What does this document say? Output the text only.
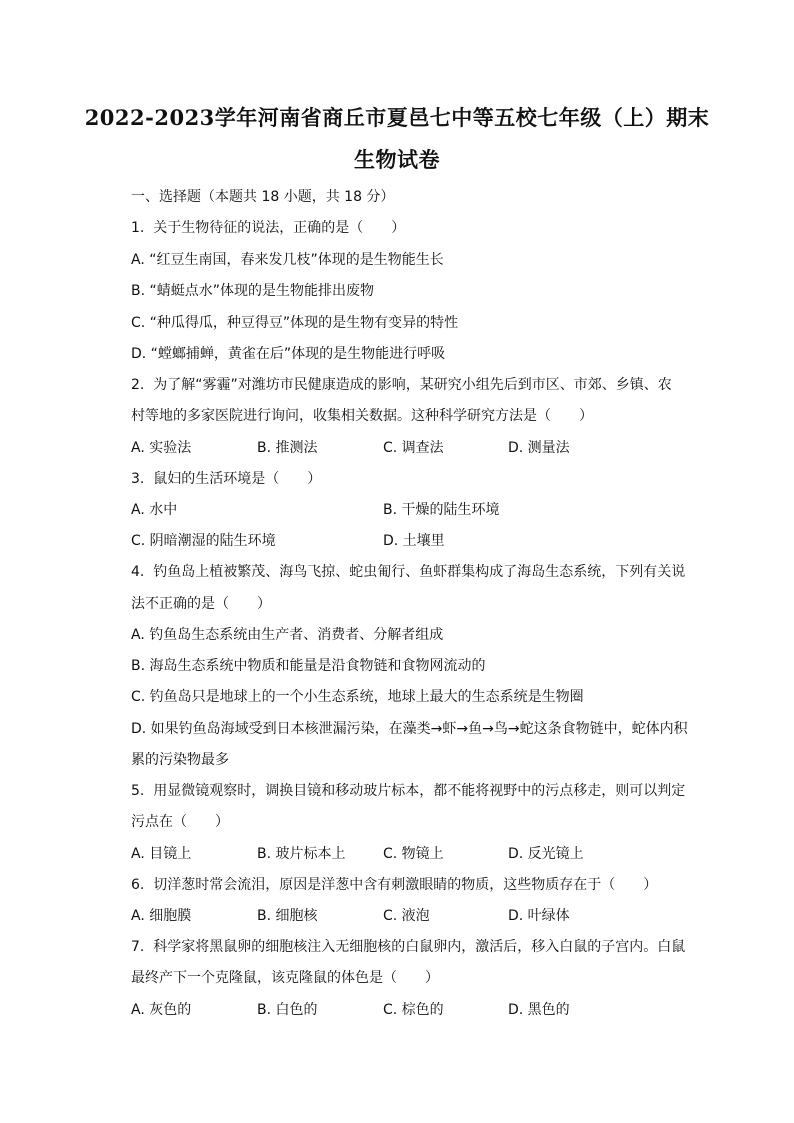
2022-2023学年河南省商丘市夏邑七中等五校七年级（上）期末
生物试卷
一、选择题（本题共 18 小题，共 18 分）
1. 关于生物待征的说法，正确的是（　　）
A. “红豆生南国，春来发几枝”体现的是生物能生长
B. “蜻蜓点水”体现的是生物能排出废物
C. “种瓜得瓜，种豆得豆”体现的是生物有变异的特性
D. “螳螂捕蝉，黄雀在后”体现的是生物能进行呼吸
2. 为了解“雾霾”对潍坊市民健康造成的影响，某研究小组先后到市区、市郊、乡镇、农
村等地的多家医院进行询问，收集相关数据。这种科学研究方法是（　　）
A. 实验法	B. 推测法	C. 调查法	D. 测量法
3. 鼠妇的生活环境是（　　）
A. 水中	B. 干燥的陆生环境
C. 阴暗潮湿的陆生环境	D. 土壤里
4. 钓鱼岛上植被繁茂、海鸟飞掠、蛇虫匍行、鱼虾群集构成了海岛生态系统，下列有关说
法不正确的是（　　）
A. 钓鱼岛生态系统由生产者、消费者、分解者组成
B. 海岛生态系统中物质和能量是沿食物链和食物网流动的
C. 钓鱼岛只是地球上的一个小生态系统，地球上最大的生态系统是生物圈
D. 如果钓鱼岛海域受到日本核泄漏污染，在藻类→虾→鱼→鸟→蛇这条食物链中，蛇体内积
累的污染物最多
5. 用显微镜观察时，调换目镜和移动玻片标本，都不能将视野中的污点移走，则可以判定
污点在（　　）
A. 目镜上	B. 玻片标本上	C. 物镜上	D. 反光镜上
6. 切洋葱时常会流泪，原因是洋葱中含有刺激眼睛的物质，这些物质存在于（　　）
A. 细胞膜	B. 细胞核	C. 液泡	D. 叶绿体
7. 科学家将黑鼠卵的细胞核注入无细胞核的白鼠卵内，激活后，移入白鼠的子宫内。白鼠
最终产下一个克隆鼠，该克隆鼠的体色是（　　）
A. 灰色的	B. 白色的	C. 棕色的	D. 黑色的
